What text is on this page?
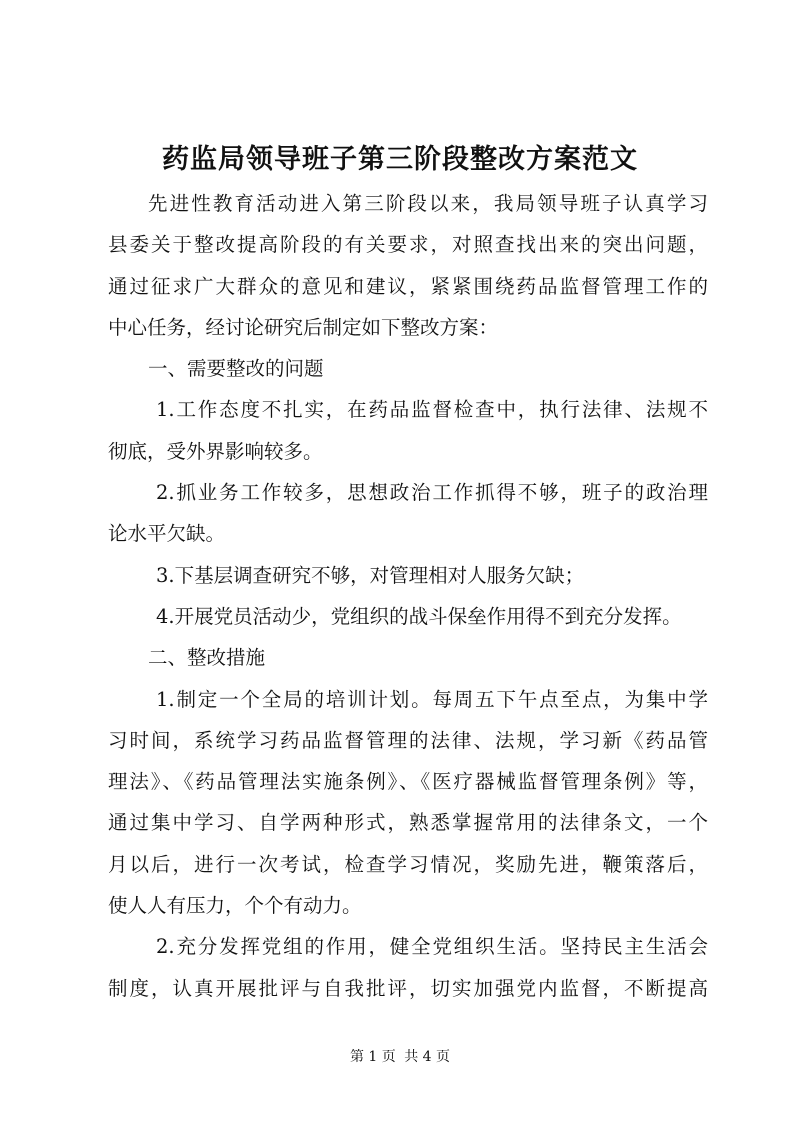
药监局领导班子第三阶段整改方案范文
先进性教育活动进入第三阶段以来，我局领导班子认真学习
县委关于整改提高阶段的有关要求，对照查找出来的突出问题，
通过征求广大群众的意见和建议，紧紧围绕药品监督管理工作的
中心任务，经讨论研究后制定如下整改方案：
一、需要整改的问题
1.工作态度不扎实，在药品监督检查中，执行法律、法规不
彻底，受外界影响较多。
2.抓业务工作较多，思想政治工作抓得不够，班子的政治理
论水平欠缺。
3.下基层调查研究不够，对管理相对人服务欠缺；
4.开展党员活动少，党组织的战斗保垒作用得不到充分发挥。
二、整改措施
1.制定一个全局的培训计划。每周五下午点至点，为集中学
习时间，系统学习药品监督管理的法律、法规，学习新《药品管
理法》、《药品管理法实施条例》、《医疗器械监督管理条例》等，
通过集中学习、自学两种形式，熟悉掌握常用的法律条文，一个
月以后，进行一次考试，检查学习情况，奖励先进，鞭策落后，
使人人有压力，个个有动力。
2.充分发挥党组的作用，健全党组织生活。坚持民主生活会
制度，认真开展批评与自我批评，切实加强党内监督，不断提高
第 1 页 共 4 页
